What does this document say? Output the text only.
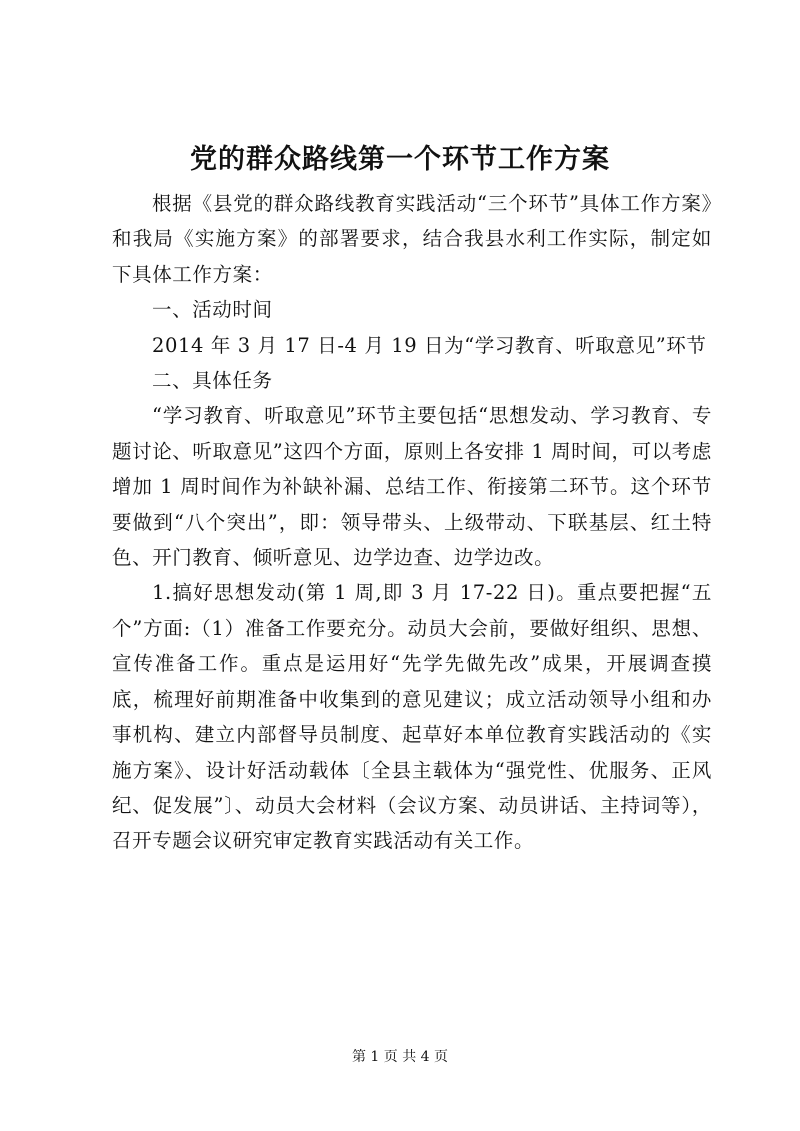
党的群众路线第一个环节工作方案

根据《县党的群众路线教育实践活动“三个环节”具体工作方案》和我局《实施方案》的部署要求，结合我县水利工作实际，制定如下具体工作方案：

一、活动时间

2014 年 3 月 17 日-4 月 19 日为“学习教育、听取意见”环节

二、具体任务

“学习教育、听取意见”环节主要包括“思想发动、学习教育、专题讨论、听取意见”这四个方面，原则上各安排 1 周时间，可以考虑增加 1 周时间作为补缺补漏、总结工作、衔接第二环节。这个环节要做到“八个突出”，即：领导带头、上级带动、下联基层、红土特色、开门教育、倾听意见、边学边查、边学边改。

1.搞好思想发动(第 1 周,即 3 月 17-22 日)。重点要把握“五个”方面:（1）准备工作要充分。动员大会前，要做好组织、思想、宣传准备工作。重点是运用好“先学先做先改”成果，开展调查摸底，梳理好前期准备中收集到的意见建议；成立活动领导小组和办事机构、建立内部督导员制度、起草好本单位教育实践活动的《实施方案》、设计好活动载体〔全县主载体为“强党性、优服务、正风纪、促发展”〕、动员大会材料（会议方案、动员讲话、主持词等），召开专题会议研究审定教育实践活动有关工作。

第 1 页 共 4 页
